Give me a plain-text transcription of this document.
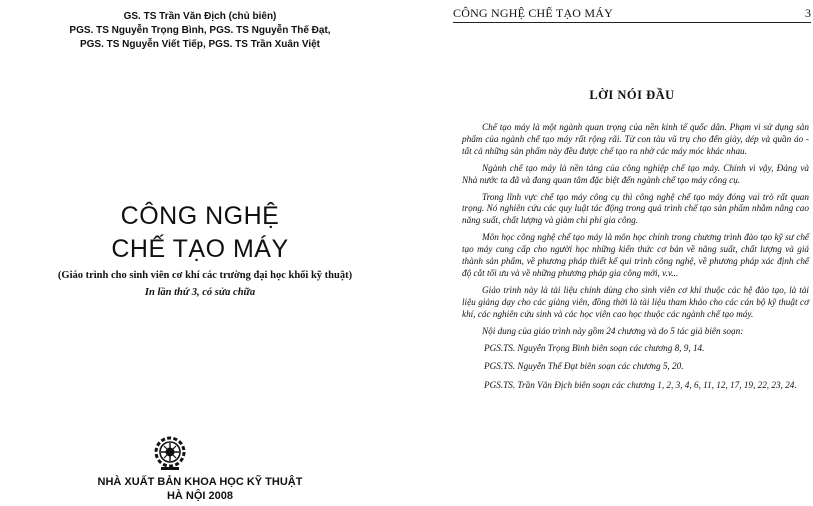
GS. TS Trần Văn Địch (chủ biên)
PGS. TS Nguyễn Trọng Bình, PGS. TS Nguyễn Thế Đạt,
PGS. TS Nguyễn Viết Tiếp, PGS. TS Trần Xuân Việt
CÔNG NGHỆ
CHẾ TẠO MÁY
(Giáo trình cho sinh viên cơ khí các trường đại học khối kỹ thuật)
In lần thứ 3, có sửa chữa
NHÀ XUẤT BẢN KHOA HỌC KỸ THUẬT
HÀ NỘI 2008
CÔNG NGHỆ CHẾ TẠO MÁY	3
LỜI NÓI ĐẦU

Chế tạo máy là một ngành quan trọng của nền kinh tế quốc dân. Phạm vi sử dụng sản phẩm của ngành chế tạo máy rất rộng rãi. Từ con tàu vũ trụ cho đến giày, dép và quần áo - tất cả những sản phẩm này đều được chế tạo ra nhờ các máy móc khác nhau.

Ngành chế tạo máy là nền tảng của công nghiệp chế tạo máy. Chính vì vậy, Đảng và Nhà nước ta đã và đang quan tâm đặc biệt đến ngành chế tạo máy công cụ.

Trong lĩnh vực chế tạo máy công cụ thì công nghệ chế tạo máy đóng vai trò rất quan trọng. Nó nghiên cứu các quy luật tác động trong quá trình chế tạo sản phẩm nhằm nâng cao năng suất, chất lượng và giảm chi phí gia công.

Môn học công nghệ chế tạo máy là môn học chính trong chương trình đào tạo kỹ sư chế tạo máy cung cấp cho người học những kiến thức cơ bản về năng suất, chất lượng và giá thành sản phẩm, về phương pháp thiết kế qui trình công nghệ, về phương pháp xác định chế độ cắt tối ưu và về những phương pháp gia công mới, v.v...

Giáo trình này là tài liệu chính dùng cho sinh viên cơ khí thuộc các hệ đào tạo, là tài liệu giảng dạy cho các giảng viên, đồng thời là tài liệu tham khảo cho các cán bộ kỹ thuật cơ khí, các nghiên cứu sinh và các học viên cao học thuộc các ngành chế tạo máy.

Nội dung của giáo trình này gồm 24 chương và do 5 tác giả biên soạn:

PGS.TS. Nguyễn Trọng Bình biên soạn các chương 8, 9, 14.

PGS.TS. Nguyễn Thế Đạt biên soạn các chương 5, 20.

PGS.TS. Trần Văn Địch biên soạn các chương 1, 2, 3, 4, 6, 11, 12, 17, 19, 22, 23, 24.
